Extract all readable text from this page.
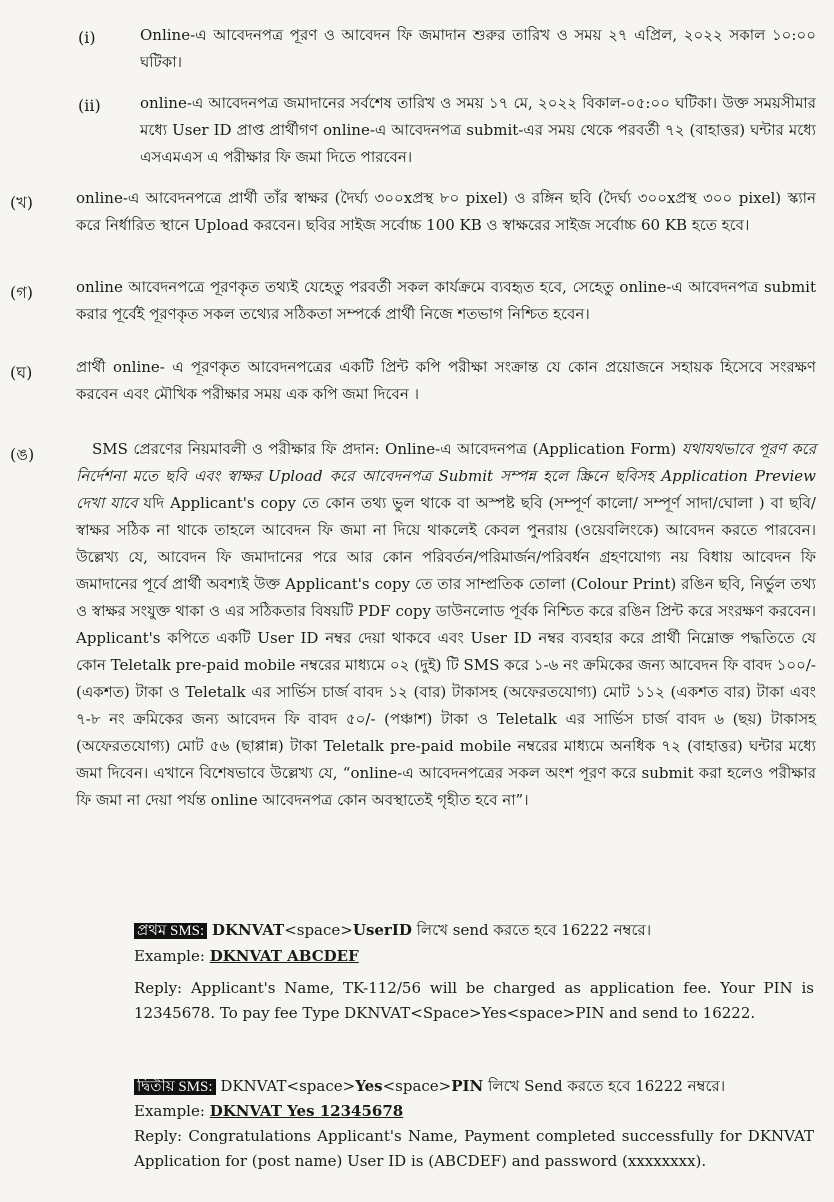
(i)	Online-এ আবেদনপত্র পূরণ ও আবেদন ফি জমাদান শুরুর তারিখ ও সময় ২৭ এপ্রিল, ২০২২ সকাল ১০:০০ ঘটিকা।
(ii)	online-এ আবেদনপত্র জমাদানের সর্বশেষ তারিখ ও সময় ১৭ মে, ২০২২ বিকাল-০৫:০০ ঘটিকা। উক্ত সময়সীমার মধ্যে User ID প্রাপ্ত প্রার্থীগণ online-এ আবেদনপত্র submit-এর সময় থেকে পরবর্তী ৭২ (বাহাত্তর) ঘন্টার মধ্যে এসএমএস এ পরীক্ষার ফি জমা দিতে পারবেন।
(খ)	online-এ আবেদনপত্রে প্রার্থী তাঁর স্বাক্ষর (দৈর্ঘ্য ৩০০xপ্রস্থ ৮০ pixel) ও রঙ্গিন ছবি (দৈর্ঘ্য ৩০০xপ্রস্থ ৩০০ pixel) স্ক্যান করে নির্ধারিত স্থানে Upload করবেন। ছবির সাইজ সর্বোচ্চ 100 KB ও স্বাক্ষরের সাইজ সর্বোচ্চ 60 KB হতে হবে।
(গ)	online আবেদনপত্রে পূরণকৃত তথ্যই যেহেতু পরবর্তী সকল কার্যক্রমে ব্যবহৃত হবে, সেহেতু online-এ আবেদনপত্র submit করার পূর্বেই পূরণকৃত সকল তথ্যের সঠিকতা সম্পর্কে প্রার্থী নিজে শতভাগ নিশ্চিত হবেন।
(ঘ)	প্রার্থী online- এ পূরণকৃত আবেদনপত্রের একটি প্রিন্ট কপি পরীক্ষা সংক্রান্ত যে কোন প্রয়োজনে সহায়ক হিসেবে সংরক্ষণ করবেন এবং মৌখিক পরীক্ষার সময় এক কপি জমা দিবেন ।
(ঙ)	SMS প্রেরণের নিয়মাবলী ও পরীক্ষার ফি প্রদান: Online-এ আবেদনপত্র (Application Form) যথাযথভাবে পূরণ করে নির্দেশনা মতে ছবি এবং স্বাক্ষর Upload করে আবেদনপত্র Submit সম্পন্ন হলে স্ক্রিনে ছবিসহ Application Preview দেখা যাবে যদি Applicant's copy তে কোন তথ্য ভুল থাকে বা অস্পষ্ট ছবি (সম্পূর্ণ কালো/ সম্পূর্ণ সাদা/ঘোলা ) বা ছবি/ স্বাক্ষর সঠিক না থাকে তাহলে আবেদন ফি জমা না দিয়ে থাকলেই কেবল পুনরায় (ওয়েবলিংকে) আবেদন করতে পারবেন। উল্লেখ্য যে, আবেদন ফি জমাদানের পরে আর কোন পরিবর্তন/পরিমার্জন/পরিবর্ধন গ্রহণযোগ্য নয় বিধায় আবেদন ফি জমাদানের পূর্বে প্রার্থী অবশ্যই উক্ত Applicant's copy তে তার সাম্প্রতিক তোলা (Colour Print) রঙিন ছবি, নির্ভুল তথ্য ও স্বাক্ষর সংযুক্ত থাকা ও এর সঠিকতার বিষয়টি PDF copy ডাউনলোড পূর্বক নিশ্চিত করে রঙিন প্রিন্ট করে সংরক্ষণ করবেন। Applicant's কপিতে একটি User ID নম্বর দেয়া থাকবে এবং User ID নম্বর ব্যবহার করে প্রার্থী নিম্নোক্ত পদ্ধতিতে যে কোন Teletalk pre-paid mobile নম্বরের মাধ্যমে ০২ (দুই) টি SMS করে ১-৬ নং ক্রমিকের জন্য আবেদন ফি বাবদ ১০০/- (একশত) টাকা ও Teletalk এর সার্ভিস চার্জ বাবদ ১২ (বার) টাকাসহ (অফেরতযোগ্য) মোট ১১২ (একশত বার) টাকা এবং ৭-৮ নং ক্রমিকের জন্য আবেদন ফি বাবদ ৫০/- (পঞ্চাশ) টাকা ও Teletalk এর সার্ভিস চার্জ বাবদ ৬ (ছয়) টাকাসহ (অফেরতযোগ্য) মোট ৫৬ (ছাপ্পান্ন) টাকা Teletalk pre-paid mobile নম্বরের মাধ্যমে অনধিক ৭২ (বাহাত্তর) ঘন্টার মধ্যে জমা দিবেন। এখানে বিশেষভাবে উল্লেখ্য যে, “online-এ আবেদনপত্রের সকল অংশ পূরণ করে submit করা হলেও পরীক্ষার ফি জমা না দেয়া পর্যন্ত online আবেদনপত্র কোন অবস্থাতেই গৃহীত হবে না”।
প্রথম SMS: DKNVAT<space>UserID লিখে send করতে হবে 16222 নম্বরে।
Example: DKNVAT ABCDEF
Reply: Applicant's Name, TK-112/56 will be charged as application fee. Your PIN is 12345678. To pay fee Type DKNVAT<Space>Yes<space>PIN and send to 16222.
দ্বিতীয় SMS: DKNVAT<space>Yes<space>PIN লিখে Send করতে হবে 16222 নম্বরে।
Example: DKNVAT Yes 12345678
Reply: Congratulations Applicant's Name, Payment completed successfully for DKNVAT Application for (post name) User ID is (ABCDEF) and password (xxxxxxxx).
